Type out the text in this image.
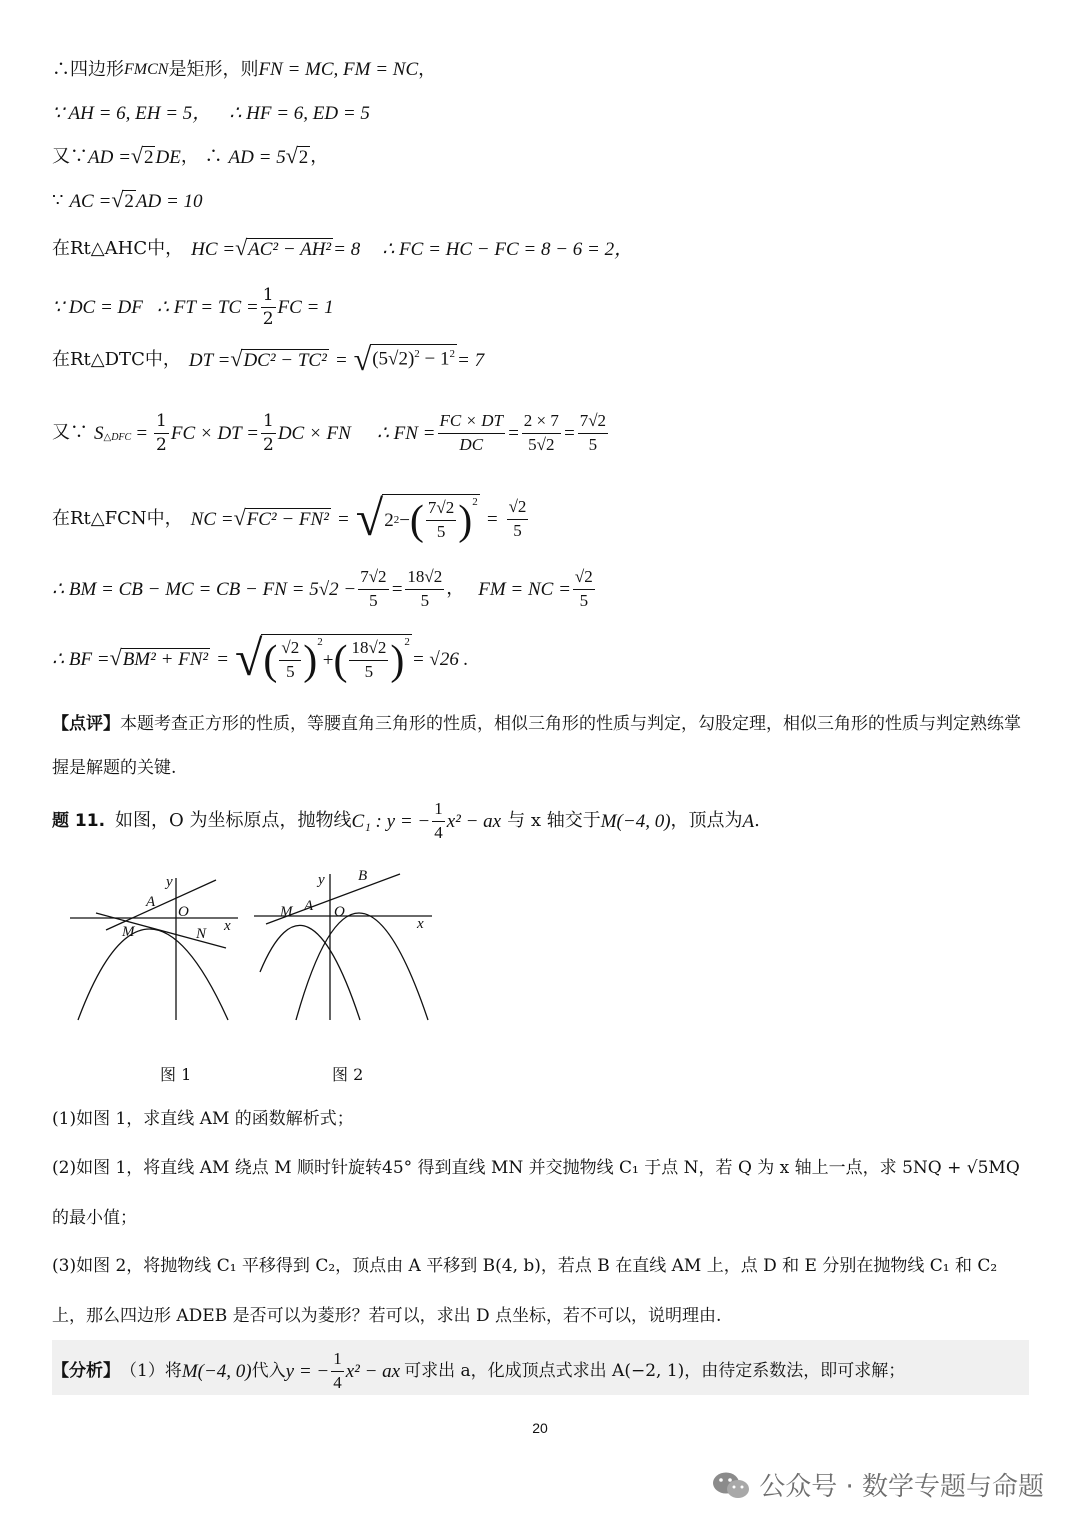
∴四边形 FMCN 是矩形，则 FN = MC, FM = NC ，
∵ AH = 6, EH = 5， ∴ HF = 6, ED = 5
又∵ AD = √ 2 DE ， ∴ AD = 5 √ 2 ，
∵ AC = √ 2 AD = 10
在Rt△AHC中， HC = √ AC² − AH² = 8 ∴ FC = HC − FC = 8 − 6 = 2，
∵ DC = DF ∴ FT = TC = $\frac{1}{2}$ FC = 1
在Rt△DTC中， DT = √ DC² − TC² = √ $(5√2)^2 - 1^2 = 7$
又∵ $S_{\triangle DFC} = \frac{1}{2}$ FC × DT = $\frac{1}{2}$ DC × FN ∴ FN = $\frac{FC \times DT}{DC} = \frac{2 \times 7}{5√2} = \frac{7√2}{5}$
在Rt△FCN中， NC = √ FC² − FN² = √ 2 2 − ( $\frac{7√2}{5} )^2$
= $\frac{√2}{5}$
∴ BM = CB − MC = CB − FN = $5√2 - \frac{7√2}{5} = \frac{18√2}{5}$ ， FM = NC = $\frac{√2}{5}$
∴ BF = √ BM² + FN² = √ ( $\frac{√2}{5} )^2$
+ ( $\frac{18√2}{5} )^2$
= √26 .
【点评】本题考查正方形的性质，等腰直角三角形的性质，相似三角形的性质与判定，勾股定理，相似三角形的性质与判定熟练掌握是解题的关键.
题 11. 如图，O 为坐标原点，抛物线 C₁ : y = − $\frac{1}{4} x^2$ − ax 与 x 轴交于 M(−4, 0) ，顶点为 A .
y
A
O
M	N x
图 1
y B
M A O
x
图 2
(1)如图 1，求直线 AM 的函数解析式；
(2)如图 1，将直线 AM 绕点 M 顺时针旋转45° 得到直线 MN 并交抛物线 C₁ 于点 N，若 Q 为 x 轴上一点，求 5NQ + √5MQ
的最小值；
(3)如图 2，将抛物线 C₁ 平移得到 C₂，顶点由 A 平移到 B(4, b)，若点 B 在直线 AM 上，点 D 和 E 分别在抛物线 C₁ 和 C₂
上，那么四边形 ADEB 是否可以为菱形？若可以，求出 D 点坐标，若不可以，说明理由.
【分析】 （1）将 M(−4, 0) 代入 y = − $\frac{1}{4} x^2$ − ax 可求出 a，化成顶点式求出 A(−2, 1)，由待定系数法，即可求解；
20
公众号 · 数学专题与命题
